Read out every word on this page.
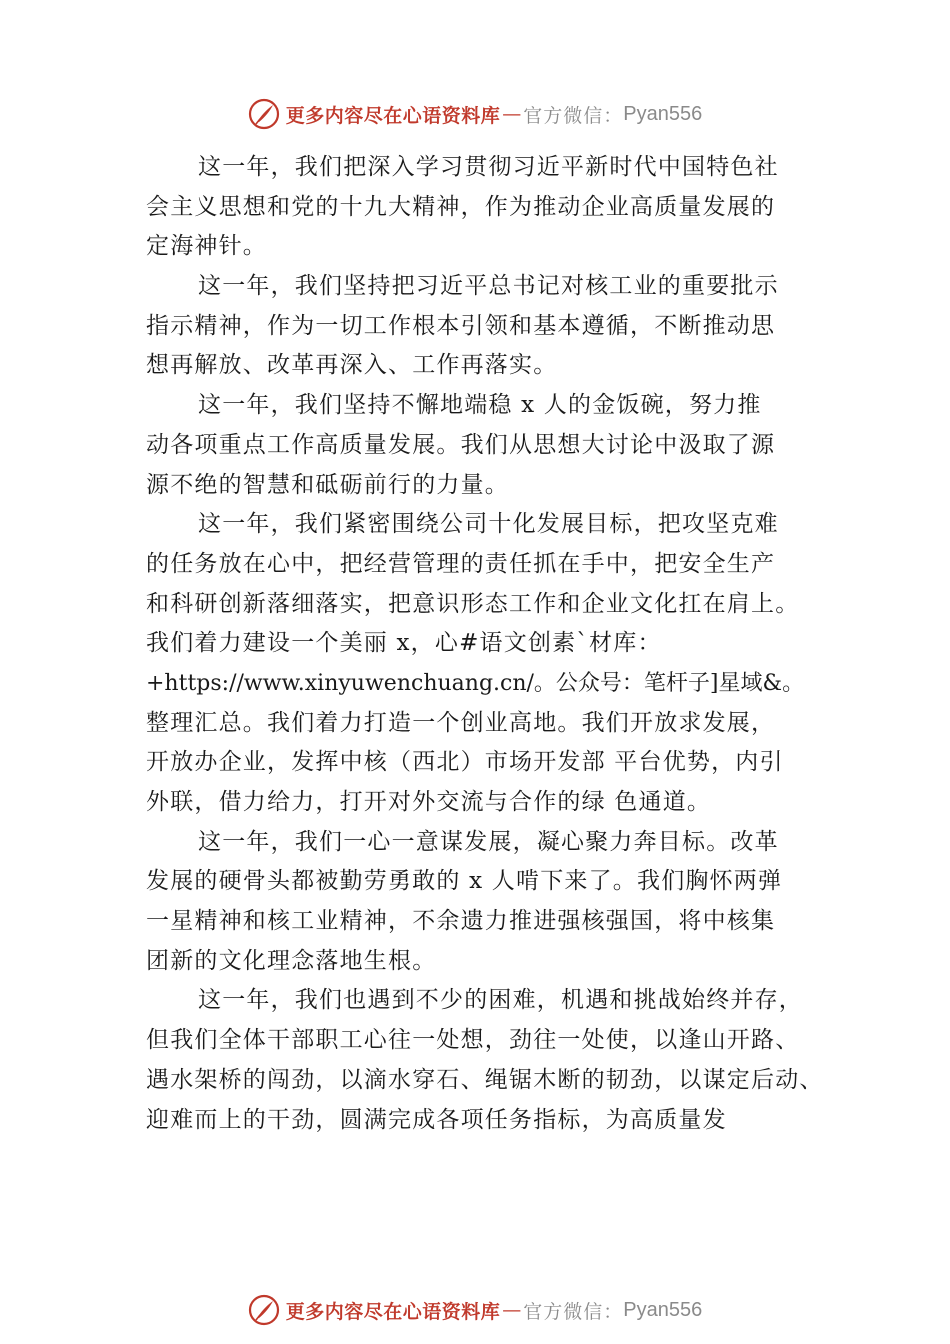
更多内容尽在心语资料库 — 官方微信： Pyan556
这一年，我们把深入学习贯彻习近平新时代中国特色社
会主义思想和党的十九大精神，作为推动企业高质量发展的
定海神针。
这一年，我们坚持把习近平总书记对核工业的重要批示
指示精神，作为一切工作根本引领和基本遵循，不断推动思
想再解放、改革再深入、工作再落实。
这一年，我们坚持不懈地端稳 x 人的金饭碗，努力推
动各项重点工作高质量发展。我们从思想大讨论中汲取了源
源不绝的智慧和砥砺前行的力量。
这一年，我们紧密围绕公司十化发展目标，把攻坚克难
的任务放在心中，把经营管理的责任抓在手中，把安全生产
和科研创新落细落实，把意识形态工作和企业文化扛在肩上。
我们着力建设一个美丽 x，心#语文创素`材库：
+https://www.xinyuwenchuang.cn/。公众号：笔杆子]星域&。
整理汇总。我们着力打造一个创业高地。我们开放求发展，
开放办企业，发挥中核（西北）市场开发部 平台优势，内引
外联，借力给力，打开对外交流与合作的绿 色通道。
这一年，我们一心一意谋发展，凝心聚力奔目标。改革
发展的硬骨头都被勤劳勇敢的 x 人啃下来了。我们胸怀两弹
一星精神和核工业精神，不余遗力推进强核强国，将中核集
团新的文化理念落地生根。
这一年，我们也遇到不少的困难，机遇和挑战始终并存，
但我们全体干部职工心往一处想，劲往一处使，以逢山开路、
遇水架桥的闯劲，以滴水穿石、绳锯木断的韧劲，以谋定后动、
迎难而上的干劲，圆满完成各项任务指标，为高质量发
更多内容尽在心语资料库 — 官方微信： Pyan556
